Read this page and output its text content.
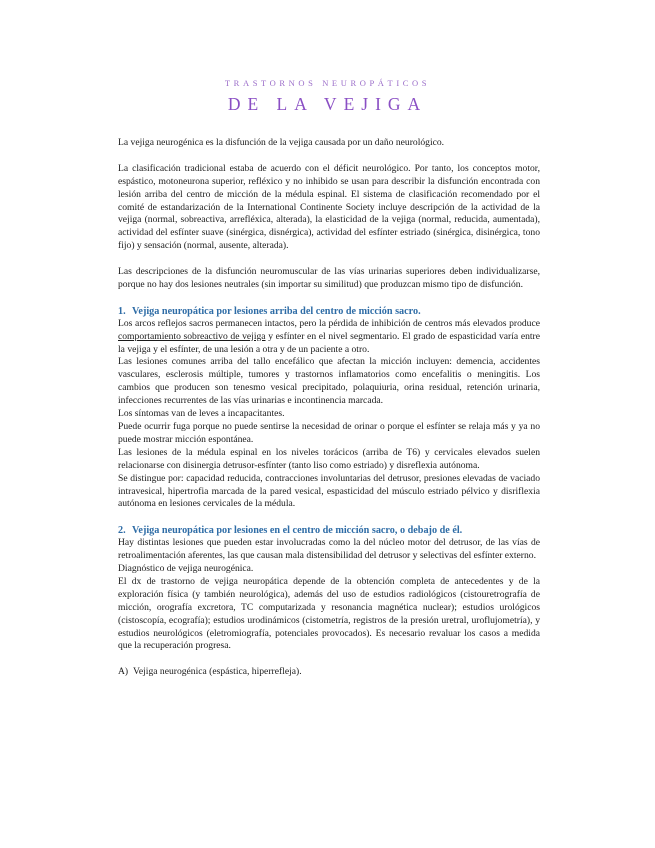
TRASTORNOS NEUROPÁTICOS
DE LA VEJIGA

La vejiga neurogénica es la disfunción de la vejiga causada por un daño neurológico.

La clasificación tradicional estaba de acuerdo con el déficit neurológico. Por tanto, los conceptos motor, espástico, motoneurona superior, refléxico y no inhibido se usan para describir la disfunción encontrada con lesión arriba del centro de micción de la médula espinal. El sistema de clasificación recomendado por el comité de estandarización de la International Continente Society incluye descripción de la actividad de la vejiga (normal, sobreactiva, arrefléxica, alterada), la elasticidad de la vejiga (normal, reducida, aumentada), actividad del esfínter suave (sinérgica, disnérgica), actividad del esfínter estriado (sinérgica, disinérgica, tono fijo) y sensación (normal, ausente, alterada).

Las descripciones de la disfunción neuromuscular de las vías urinarias superiores deben individualizarse, porque no hay dos lesiones neutrales (sin importar su similitud) que produzcan mismo tipo de disfunción.

1. Vejiga neuropática por lesiones arriba del centro de micción sacro.

Los arcos reflejos sacros permanecen intactos, pero la pérdida de inhibición de centros más elevados produce comportamiento sobreactivo de vejiga y esfínter en el nivel segmentario. El grado de espasticidad varía entre la vejiga y el esfínter, de una lesión a otra y de un paciente a otro.

Las lesiones comunes arriba del tallo encefálico que afectan la micción incluyen: demencia, accidentes vasculares, esclerosis múltiple, tumores y trastornos inflamatorios como encefalitis o meningitis. Los cambios que producen son tenesmo vesical precipitado, polaquiuria, orina residual, retención urinaria, infecciones recurrentes de las vías urinarias e incontinencia marcada.

Los síntomas van de leves a incapacitantes.

Puede ocurrir fuga porque no puede sentirse la necesidad de orinar o porque el esfínter se relaja más y ya no puede mostrar micción espontánea.

Las lesiones de la médula espinal en los niveles torácicos (arriba de T6) y cervicales elevados suelen relacionarse con disinergia detrusor-esfínter (tanto liso como estriado) y disreflexia autónoma.

Se distingue por: capacidad reducida, contracciones involuntarias del detrusor, presiones elevadas de vaciado intravesical, hipertrofia marcada de la pared vesical, espasticidad del músculo estriado pélvico y disriflexia autónoma en lesiones cervicales de la médula.

2. Vejiga neuropática por lesiones en el centro de micción sacro, o debajo de él.

Hay distintas lesiones que pueden estar involucradas como la del núcleo motor del detrusor, de las vías de retroalimentación aferentes, las que causan mala distensibilidad del detrusor y selectivas del esfínter externo.

Diagnóstico de vejiga neurogénica.

El dx de trastorno de vejiga neuropática depende de la obtención completa de antecedentes y de la exploración física (y también neurológica), además del uso de estudios radiológicos (cistouretrografía de micción, orografía excretora, TC computarizada y resonancia magnética nuclear); estudios urológicos (cistoscopía, ecografía); estudios urodinámicos (cistometría, registros de la presión uretral, uroflujometría), y estudios neurológicos (eletromiografía, potenciales provocados). Es necesario revaluar los casos a medida que la recuperación progresa.

A) Vejiga neurogénica (espástica, hiperrefleja).
